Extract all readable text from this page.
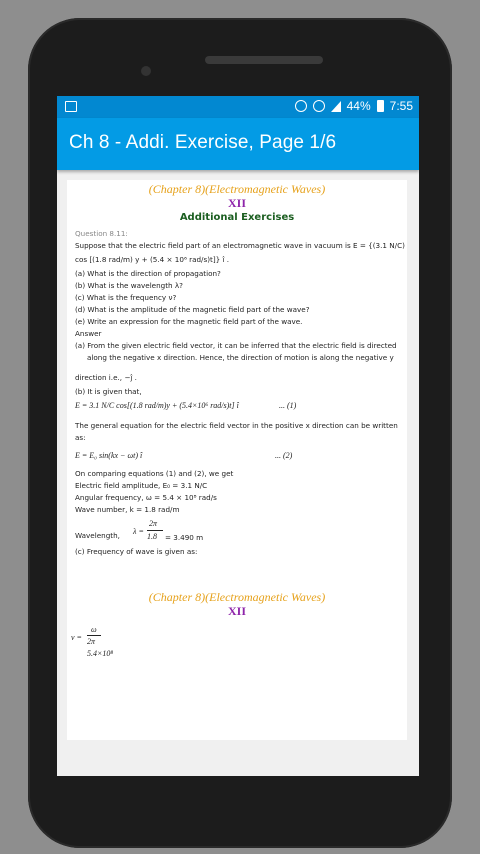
44% 7:55
Ch 8 - Addi. Exercise, Page 1/6
(Chapter 8)(Electromagnetic Waves)
XII
Additional Exercises
Question 8.11:
Suppose that the electric field part of an electromagnetic wave in vacuum is E = {(3.1 N/C)
cos [(1.8 rad/m) y + (5.4 × 10⁶ rad/s)t]} î .
(a) What is the direction of propagation?
(b) What is the wavelength λ?
(c) What is the frequency ν?
(d) What is the amplitude of the magnetic field part of the wave?
(e) Write an expression for the magnetic field part of the wave.
Answer
(a) From the given electric field vector, it can be inferred that the electric field is directed
along the negative x direction. Hence, the direction of motion is along the negative y
direction i.e., −ĵ .
(b) It is given that,
E = 3.1 N/C cos[(1.8 rad/m)y + (5.4×10⁶ rad/s)t] î	... (1)
The general equation for the electric field vector in the positive x direction can be written
as:
E = E₀ sin(kx − ωt) î	... (2)
On comparing equations (1) and (2), we get
Electric field amplitude, E₀ = 3.1 N/C
Angular frequency, ω = 5.4 × 10⁸ rad/s
Wave number, k = 1.8 rad/m
Wavelength, λ =
2π
1.8 = 3.490 m
(c) Frequency of wave is given as:
(Chapter 8)(Electromagnetic Waves)
XII
ν =
ω
2π
5.4×10⁸
